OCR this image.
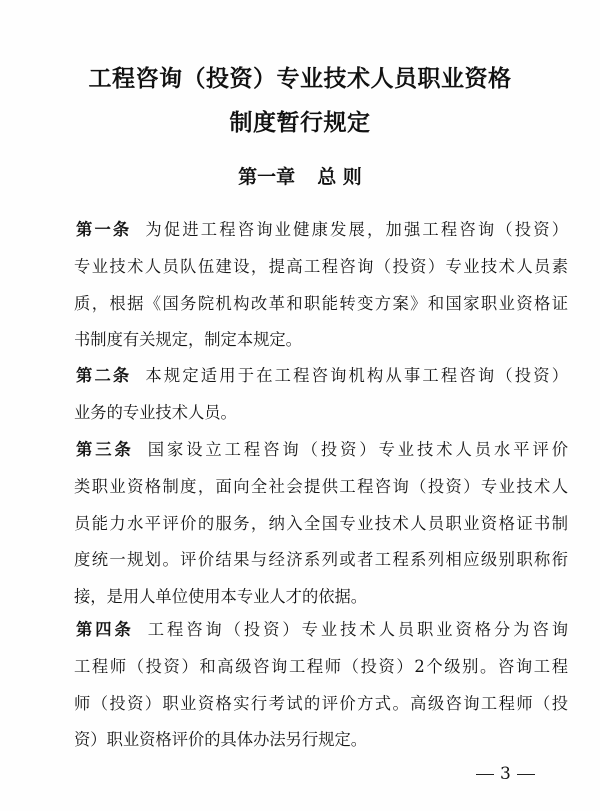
工程咨询（投资）专业技术人员职业资格
制度暂行规定
第一章 总 则
第一条 为促进工程咨询业健康发展，加强工程咨询（投资）
专业技术人员队伍建设，提高工程咨询（投资）专业技术人员素
质，根据《国务院机构改革和职能转变方案》和国家职业资格证
书制度有关规定，制定本规定。
第二条 本规定适用于在工程咨询机构从事工程咨询（投资）
业务的专业技术人员。
第三条 国家设立工程咨询（投资）专业技术人员水平评价
类职业资格制度，面向全社会提供工程咨询（投资）专业技术人
员能力水平评价的服务，纳入全国专业技术人员职业资格证书制
度统一规划。评价结果与经济系列或者工程系列相应级别职称衔
接，是用人单位使用本专业人才的依据。
第四条 工程咨询（投资）专业技术人员职业资格分为咨询
工程师（投资）和高级咨询工程师（投资）2个级别。咨询工程
师（投资）职业资格实行考试的评价方式。高级咨询工程师（投
资）职业资格评价的具体办法另行规定。
3
